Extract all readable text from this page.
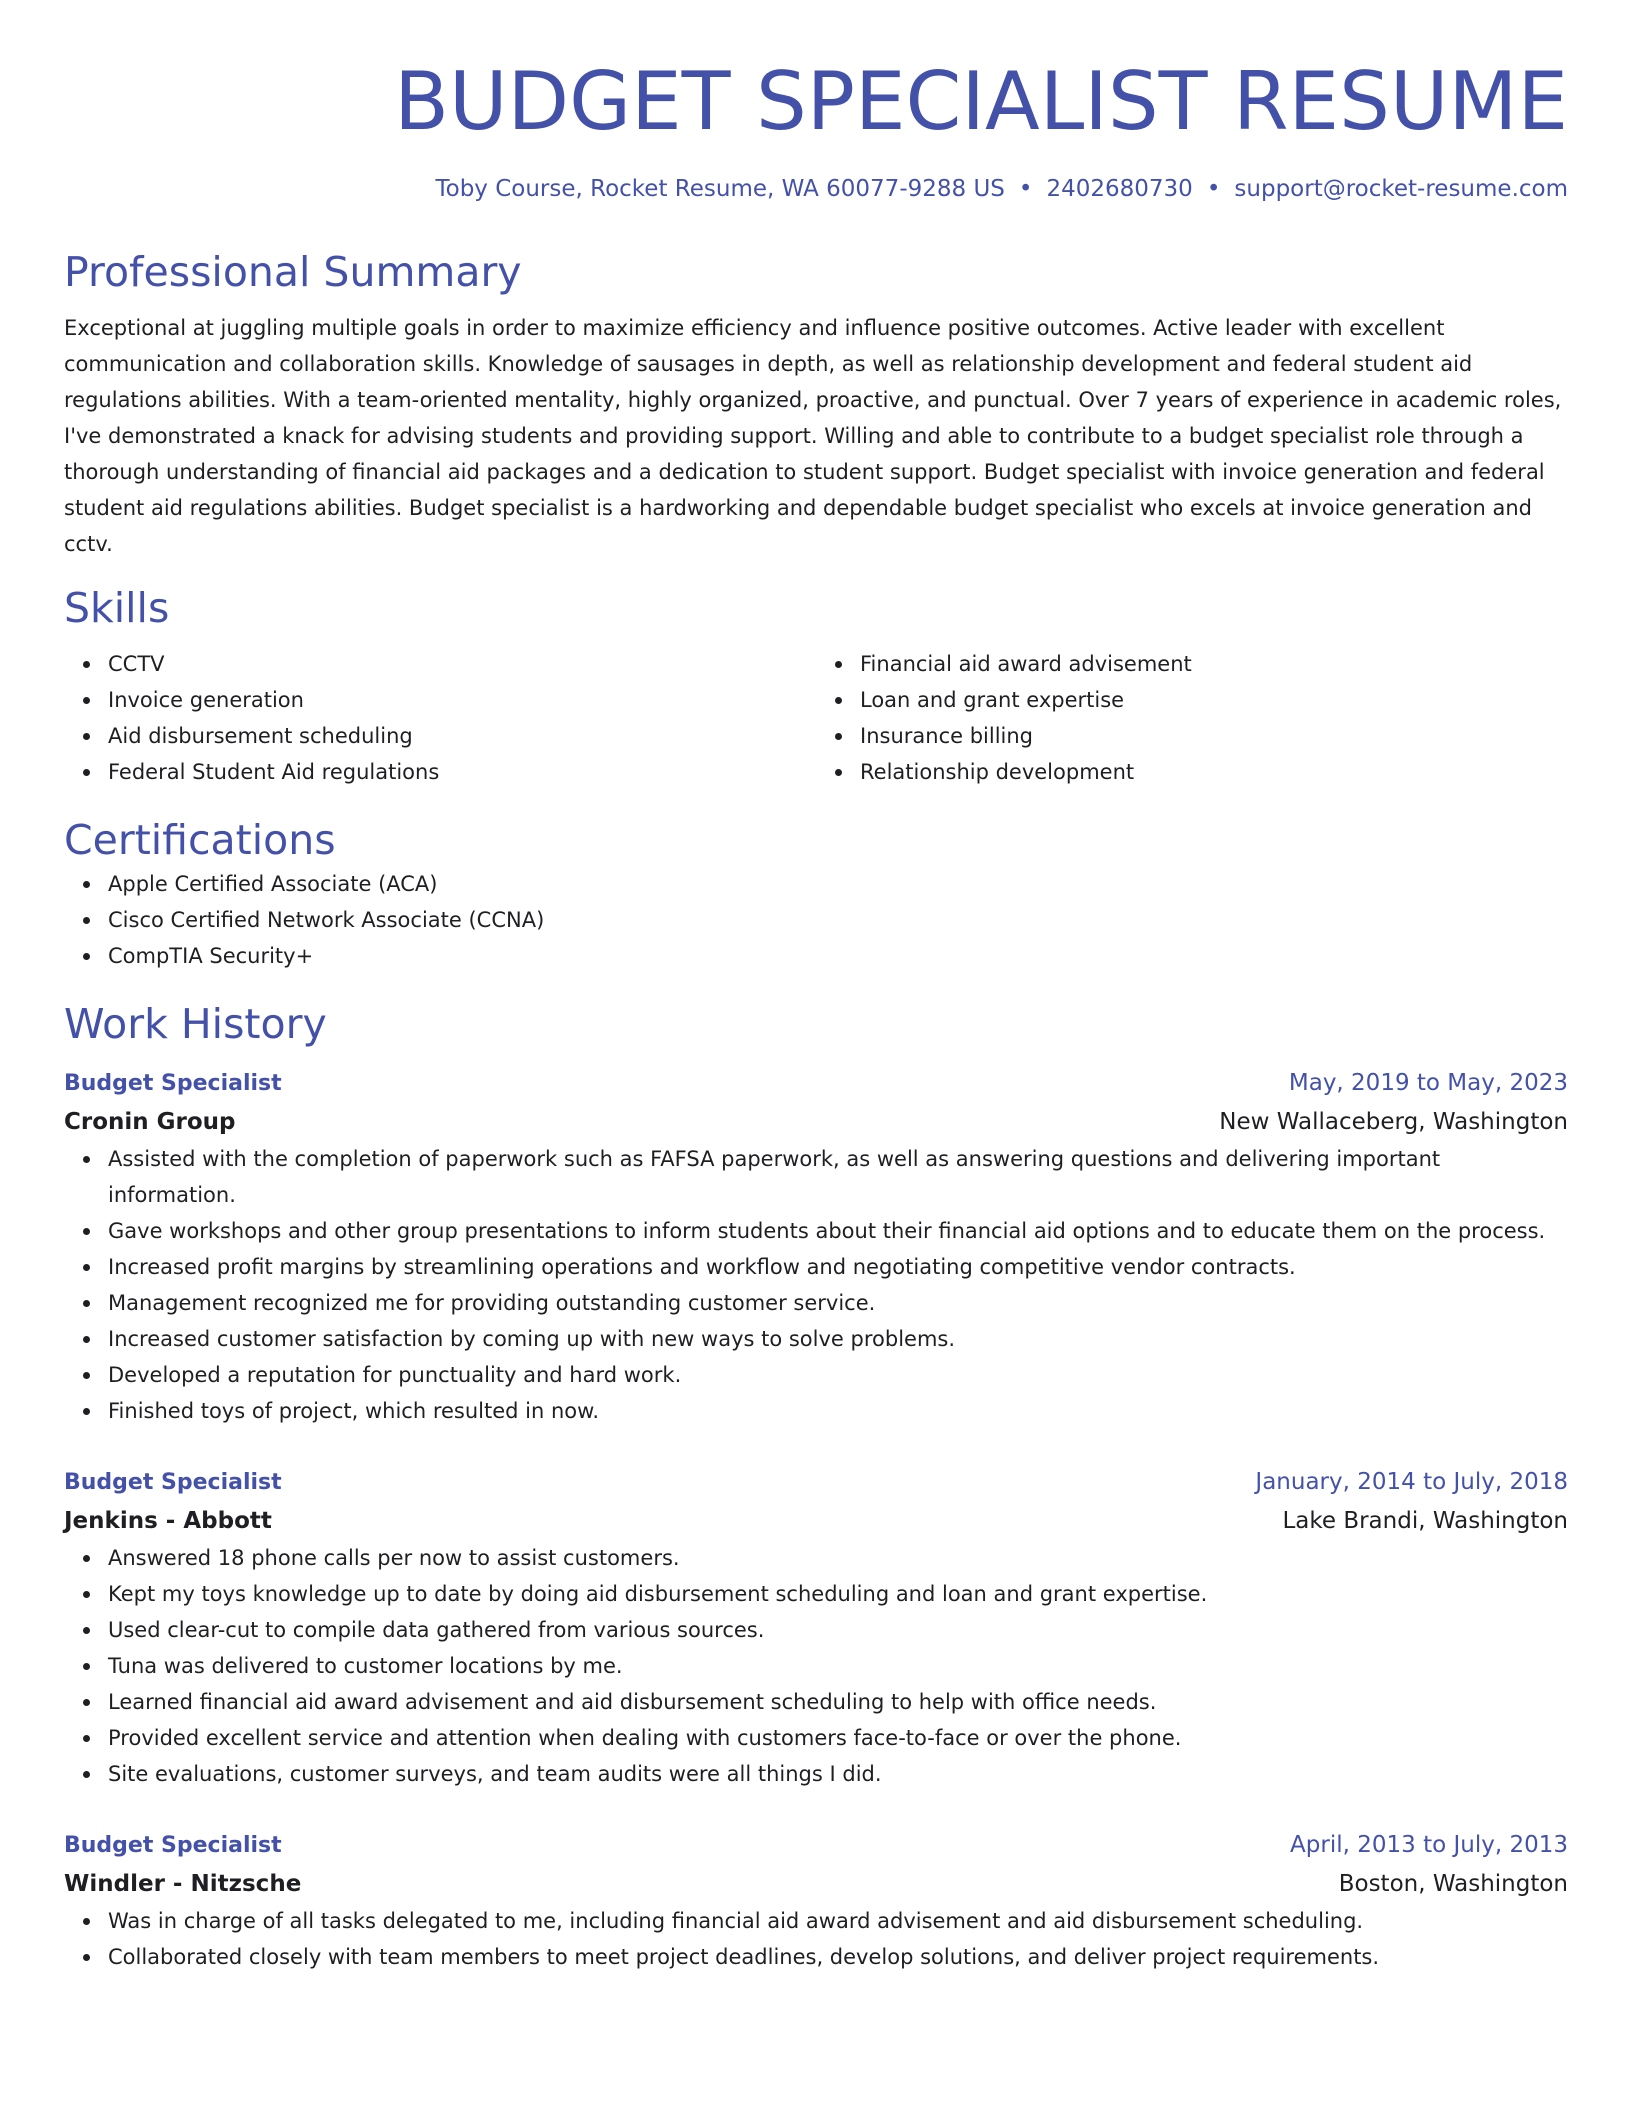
BUDGET SPECIALIST RESUME
Toby Course, Rocket Resume, WA 60077-9288 US • 2402680730 • support@rocket-resume.com
Professional Summary

Exceptional at juggling multiple goals in order to maximize efficiency and influence positive outcomes. Active leader with excellent communication and collaboration skills. Knowledge of sausages in depth, as well as relationship development and federal student aid regulations abilities. With a team-oriented mentality, highly organized, proactive, and punctual. Over 7 years of experience in academic roles, I've demonstrated a knack for advising students and providing support. Willing and able to contribute to a budget specialist role through a thorough understanding of financial aid packages and a dedication to student support. Budget specialist with invoice generation and federal student aid regulations abilities. Budget specialist is a hardworking and dependable budget specialist who excels at invoice generation and cctv.

Skills
CCTV
Invoice generation
Aid disbursement scheduling
Federal Student Aid regulations
Financial aid award advisement
Loan and grant expertise
Insurance billing
Relationship development
Certifications
Apple Certified Associate (ACA)
Cisco Certified Network Associate (CCNA)
CompTIA Security+
Work History
Budget Specialist	May, 2019 to May, 2023
Cronin Group	New Wallaceberg, Washington
Assisted with the completion of paperwork such as FAFSA paperwork, as well as answering questions and delivering important information.
Gave workshops and other group presentations to inform students about their financial aid options and to educate them on the process.
Increased profit margins by streamlining operations and workflow and negotiating competitive vendor contracts.
Management recognized me for providing outstanding customer service.
Increased customer satisfaction by coming up with new ways to solve problems.
Developed a reputation for punctuality and hard work.
Finished toys of project, which resulted in now.
Budget Specialist	January, 2014 to July, 2018
Jenkins - Abbott	Lake Brandi, Washington
Answered 18 phone calls per now to assist customers.
Kept my toys knowledge up to date by doing aid disbursement scheduling and loan and grant expertise.
Used clear-cut to compile data gathered from various sources.
Tuna was delivered to customer locations by me.
Learned financial aid award advisement and aid disbursement scheduling to help with office needs.
Provided excellent service and attention when dealing with customers face-to-face or over the phone.
Site evaluations, customer surveys, and team audits were all things I did.
Budget Specialist	April, 2013 to July, 2013
Windler - Nitzsche	Boston, Washington
Was in charge of all tasks delegated to me, including financial aid award advisement and aid disbursement scheduling.
Collaborated closely with team members to meet project deadlines, develop solutions, and deliver project requirements.
